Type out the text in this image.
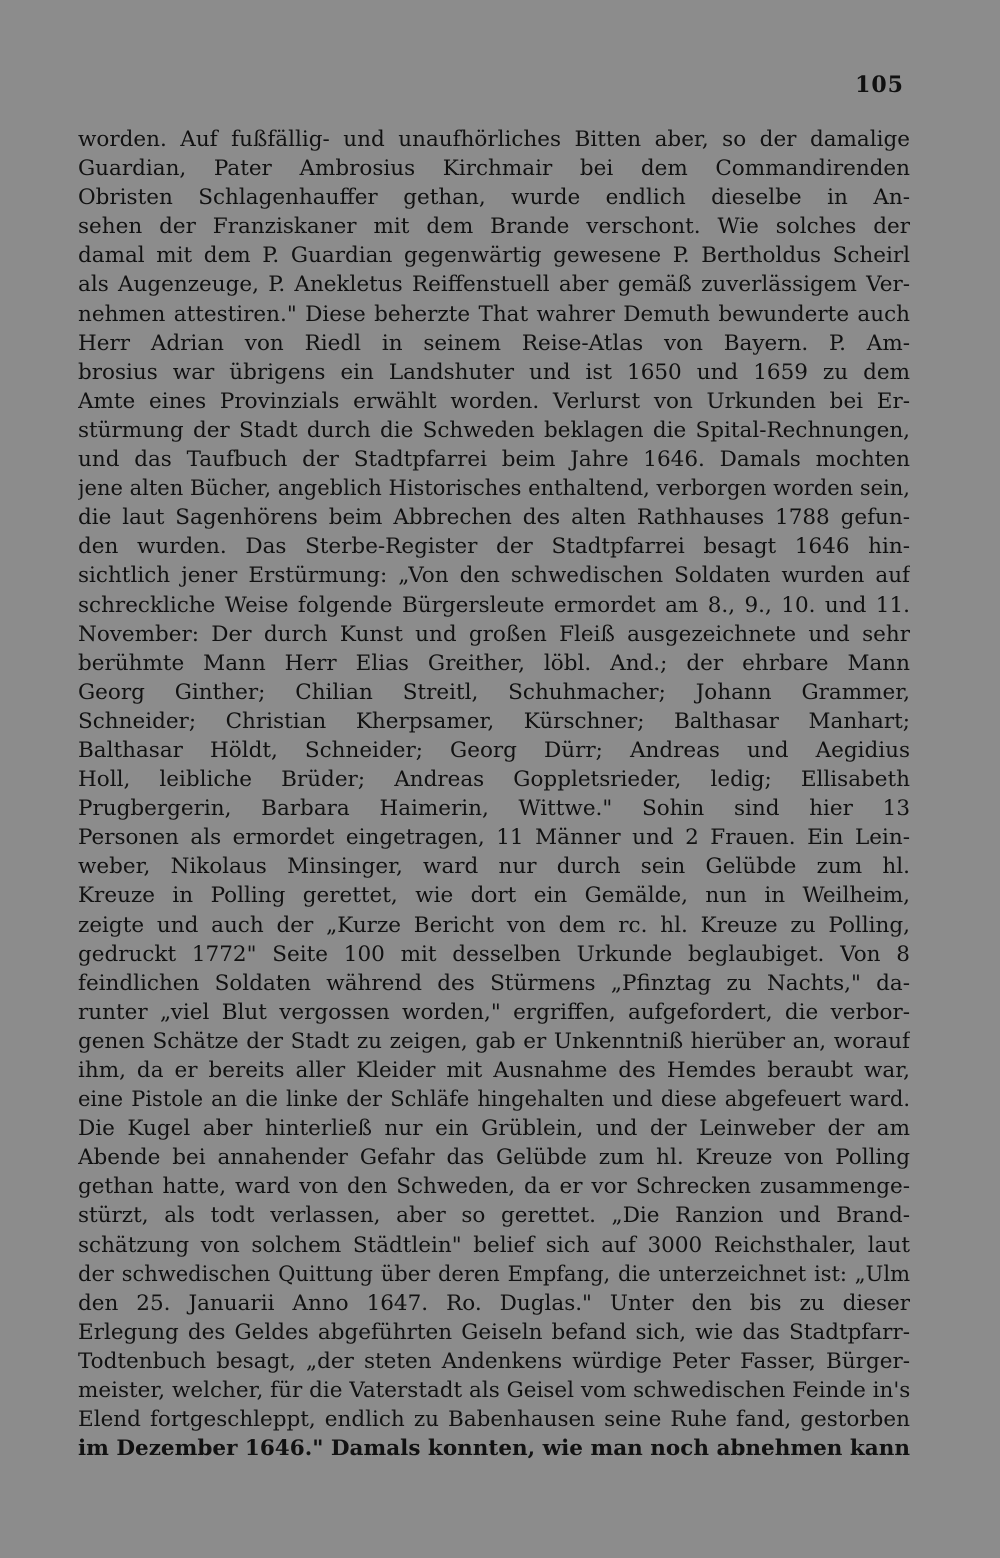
105
worden. Auf fußfällig- und unaufhörliches Bitten aber, so der damalige
Guardian, Pater Ambrosius Kirchmair bei dem Commandirenden
Obristen Schlagenhauffer gethan, wurde endlich dieselbe in An-
sehen der Franziskaner mit dem Brande verschont. Wie solches der
damal mit dem P. Guardian gegenwärtig gewesene P. Bertholdus Scheirl
als Augenzeuge, P. Anekletus Reiffenstuell aber gemäß zuverlässigem Ver-
nehmen attestiren." Diese beherzte That wahrer Demuth bewunderte auch
Herr Adrian von Riedl in seinem Reise-Atlas von Bayern. P. Am-
brosius war übrigens ein Landshuter und ist 1650 und 1659 zu dem
Amte eines Provinzials erwählt worden. Verlurst von Urkunden bei Er-
stürmung der Stadt durch die Schweden beklagen die Spital-Rechnungen,
und das Taufbuch der Stadtpfarrei beim Jahre 1646. Damals mochten
jene alten Bücher, angeblich Historisches enthaltend, verborgen worden sein,
die laut Sagenhörens beim Abbrechen des alten Rathhauses 1788 gefun-
den wurden. Das Sterbe-Register der Stadtpfarrei besagt 1646 hin-
sichtlich jener Erstürmung: „Von den schwedischen Soldaten wurden auf
schreckliche Weise folgende Bürgersleute ermordet am 8., 9., 10. und 11.
November: Der durch Kunst und großen Fleiß ausgezeichnete und sehr
berühmte Mann Herr Elias Greither, löbl. And.; der ehrbare Mann
Georg Ginther; Chilian Streitl, Schuhmacher; Johann Grammer,
Schneider; Christian Kherpsamer, Kürschner; Balthasar Manhart;
Balthasar Höldt, Schneider; Georg Dürr; Andreas und Aegidius
Holl, leibliche Brüder; Andreas Goppletsrieder, ledig; Ellisabeth
Prugbergerin, Barbara Haimerin, Wittwe." Sohin sind hier 13
Personen als ermordet eingetragen, 11 Männer und 2 Frauen. Ein Lein-
weber, Nikolaus Minsinger, ward nur durch sein Gelübde zum hl.
Kreuze in Polling gerettet, wie dort ein Gemälde, nun in Weilheim,
zeigte und auch der „Kurze Bericht von dem rc. hl. Kreuze zu Polling,
gedruckt 1772" Seite 100 mit desselben Urkunde beglaubiget. Von 8
feindlichen Soldaten während des Stürmens „Pfinztag zu Nachts," da-
runter „viel Blut vergossen worden," ergriffen, aufgefordert, die verbor-
genen Schätze der Stadt zu zeigen, gab er Unkenntniß hierüber an, worauf
ihm, da er bereits aller Kleider mit Ausnahme des Hemdes beraubt war,
eine Pistole an die linke der Schläfe hingehalten und diese abgefeuert ward.
Die Kugel aber hinterließ nur ein Grüblein, und der Leinweber der am
Abende bei annahender Gefahr das Gelübde zum hl. Kreuze von Polling
gethan hatte, ward von den Schweden, da er vor Schrecken zusammenge-
stürzt, als todt verlassen, aber so gerettet. „Die Ranzion und Brand-
schätzung von solchem Städtlein" belief sich auf 3000 Reichsthaler, laut
der schwedischen Quittung über deren Empfang, die unterzeichnet ist: „Ulm
den 25. Januarii Anno 1647. Ro. Duglas." Unter den bis zu dieser
Erlegung des Geldes abgeführten Geiseln befand sich, wie das Stadtpfarr-
Todtenbuch besagt, „der steten Andenkens würdige Peter Fasser, Bürger-
meister, welcher, für die Vaterstadt als Geisel vom schwedischen Feinde in's
Elend fortgeschleppt, endlich zu Babenhausen seine Ruhe fand, gestorben
im Dezember 1646." Damals konnten, wie man noch abnehmen kann
